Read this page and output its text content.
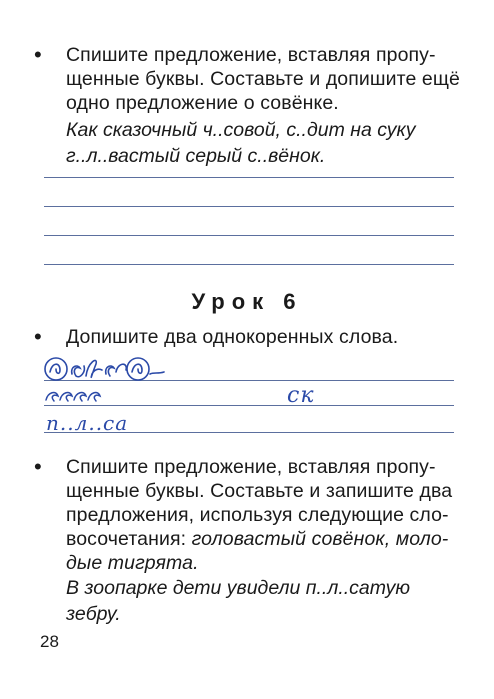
• Спишите предложение, вставляя пропу-
щенные буквы. Составьте и допишите ещё
одно предложение о совёнке.
Как сказочный ч..совой, с..дит на суку
г..л..вастый серый с..вёнок.
Урок 6
• Допишите два однокоренных слова.
ск
п..л..са
• Спишите предложение, вставляя пропу-
щенные буквы. Составьте и запишите два
предложения, используя следующие сло-
восочетания: головастый совёнок, моло-
дые тигрята.
В зоопарке дети увидели п..л..сатую
зебру.
28
